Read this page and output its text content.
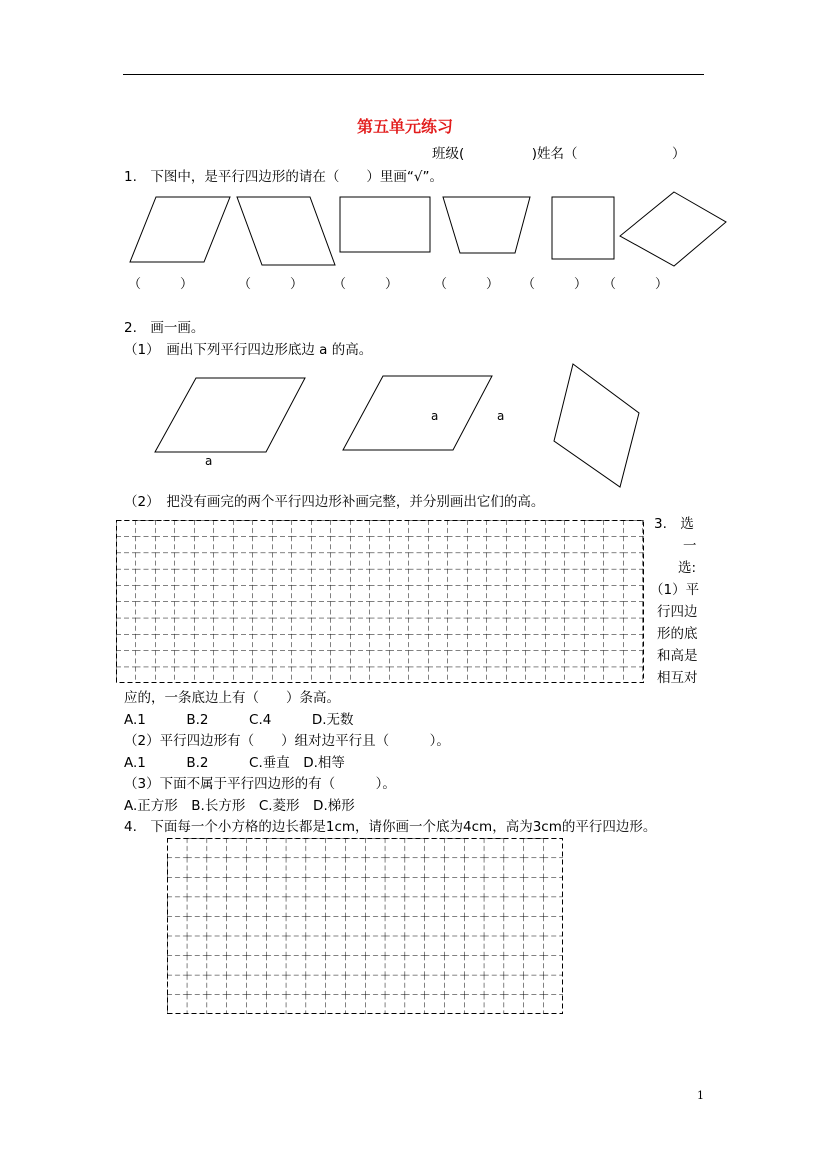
第五单元练习
班级(　　　　　)姓名（　　　　　　　）
1.　下图中，是平行四边形的请在（　　）里画“√”。
（　　　）	（　　　） （　　　）	（　　　） （　　　） （　　　）
2.　画一画。
（1）　画出下列平行四边形底边 a 的高。
a
a	a
（2）　把没有画完的两个平行四边形补画完整，并分别画出它们的高。
3.　选
一
选:
（1）平
行四边
形的底
和高是
相互对
应的，一条底边上有（　　）条高。
A.1　　　B.2　　　C.4　　　D.无数
（2）平行四边形有（　　）组对边平行且（　　　）。
A.1　　　B.2　　　C.垂直　D.相等
（3）下面不属于平行四边形的有（　　　）。
A.正方形　B.长方形　C.菱形　D.梯形
4.　下面每一个小方格的边长都是1cm，请你画一个底为4cm，高为3cm的平行四边形。
1
